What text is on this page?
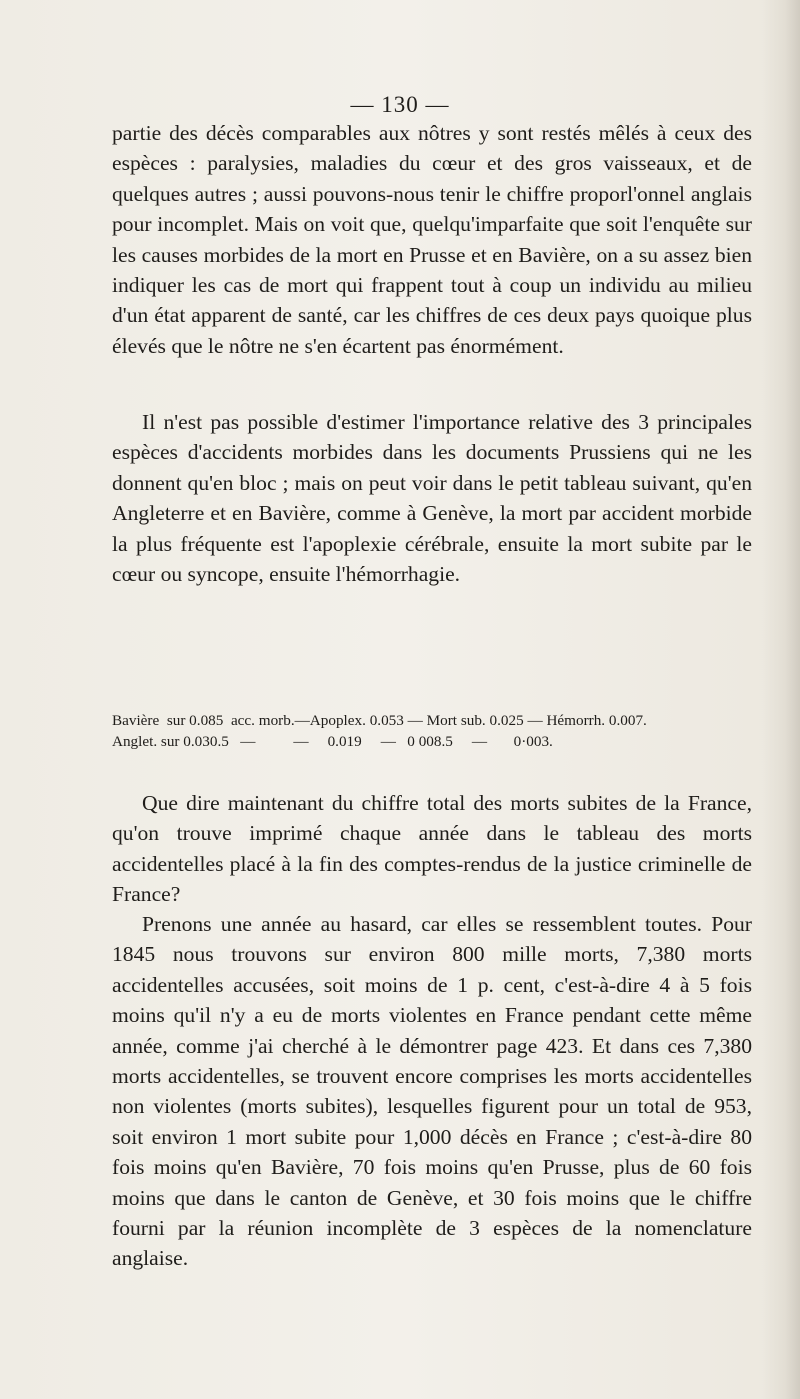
— 130 —

partie des décès comparables aux nôtres y sont restés mêlés à ceux des espèces : paralysies, maladies du cœur et des gros vaisseaux, et de quelques autres ; aussi pouvons-nous tenir le chiffre proporl'onnel anglais pour incomplet. Mais on voit que, quelqu'imparfaite que soit l'enquête sur les causes morbides de la mort en Prusse et en Bavière, on a su assez bien indiquer les cas de mort qui frappent tout à coup un individu au milieu d'un état apparent de santé, car les chiffres de ces deux pays quoique plus élevés que le nôtre ne s'en écartent pas énormément.

Il n'est pas possible d'estimer l'importance relative des 3 principales espèces d'accidents morbides dans les documents Prussiens qui ne les donnent qu'en bloc ; mais on peut voir dans le petit tableau suivant, qu'en Angleterre et en Bavière, comme à Genève, la mort par accident morbide la plus fréquente est l'apoplexie cérébrale, ensuite la mort subite par le cœur ou syncope, ensuite l'hémorrhagie.

Bavière  sur 0.085  acc. morb.—Apoplex. 0.053 — Mort sub. 0.025 — Hémorrh. 0.007.
Anglet. sur 0.030.5   —          —     0.019     —   0 008.5     —       0·003.

Que dire maintenant du chiffre total des morts subites de la France, qu'on trouve imprimé chaque année dans le tableau des morts accidentelles placé à la fin des comptes-rendus de la justice criminelle de France?

Prenons une année au hasard, car elles se ressemblent toutes. Pour 1845 nous trouvons sur environ 800 mille morts, 7,380 morts accidentelles accusées, soit moins de 1 p. cent, c'est-à-dire 4 à 5 fois moins qu'il n'y a eu de morts violentes en France pendant cette même année, comme j'ai cherché à le démontrer page 423. Et dans ces 7,380 morts accidentelles, se trouvent encore comprises les morts accidentelles non violentes (morts subites), lesquelles figurent pour un total de 953, soit environ 1 mort subite pour 1,000 décès en France ; c'est-à-dire 80 fois moins qu'en Bavière, 70 fois moins qu'en Prusse, plus de 60 fois moins que dans le canton de Genève, et 30 fois moins que le chiffre fourni par la réunion incomplète de 3 espèces de la nomenclature anglaise.
